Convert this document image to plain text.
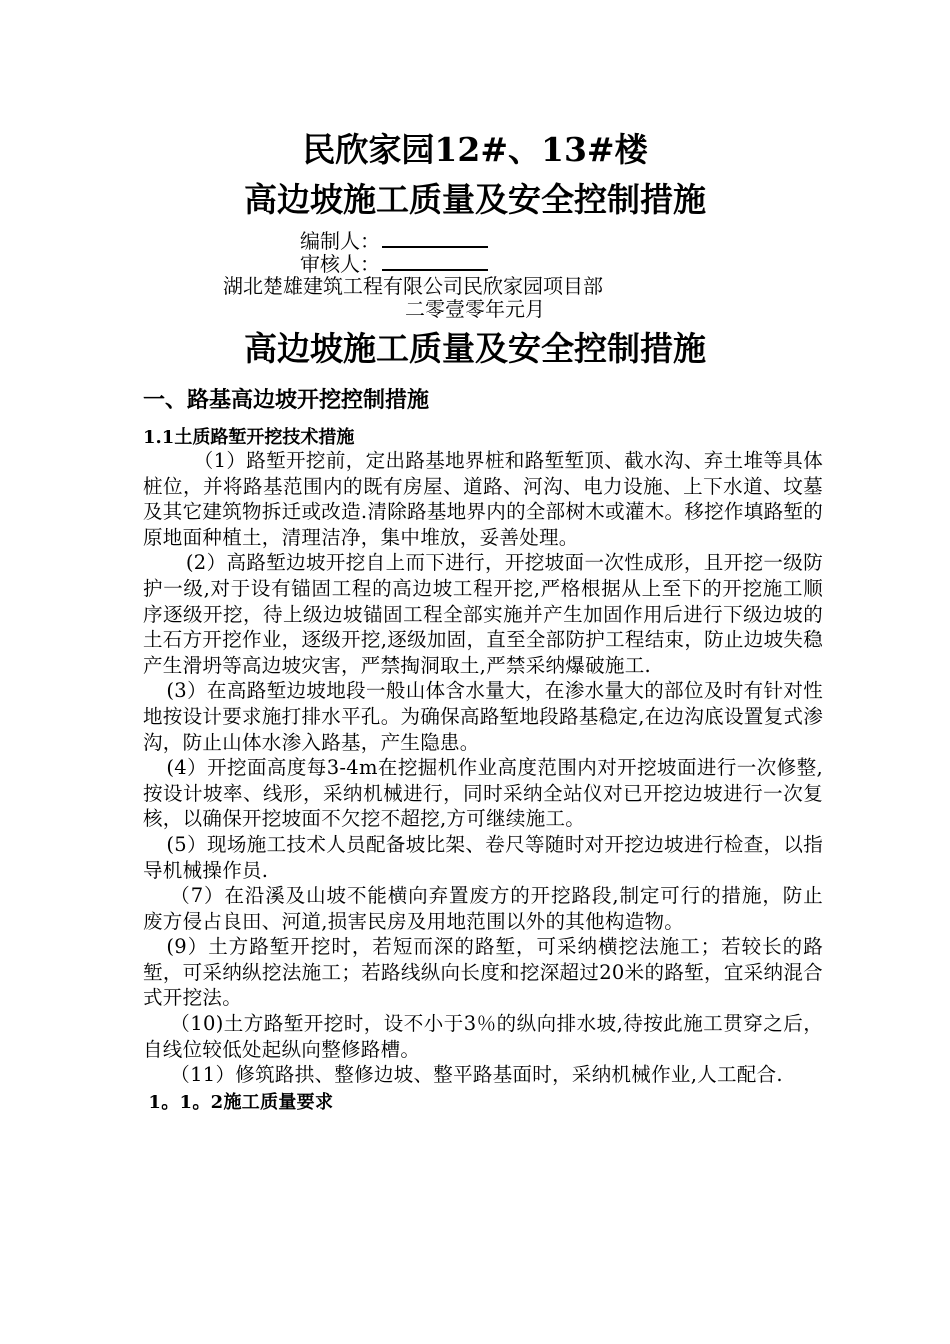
民欣家园12#、13#楼
高边坡施工质量及安全控制措施
编制人：
审核人：
湖北楚雄建筑工程有限公司民欣家园项目部
二零壹零年元月
高边坡施工质量及安全控制措施
一、路基高边坡开挖控制措施
1.1土质路堑开挖技术措施

（1）路堑开挖前，定出路基地界桩和路堑堑顶、截水沟、弃土堆等具体桩位，并将路基范围内的既有房屋、道路、河沟、电力设施、上下水道、坟墓及其它建筑物拆迁或改造.清除路基地界内的全部树木或灌木。移挖作填路堑的原地面种植土，清理洁净，集中堆放，妥善处理。

(2）高路堑边坡开挖自上而下进行，开挖坡面一次性成形，且开挖一级防护一级,对于设有锚固工程的高边坡工程开挖,严格根据从上至下的开挖施工顺序逐级开挖，待上级边坡锚固工程全部实施并产生加固作用后进行下级边坡的土石方开挖作业，逐级开挖,逐级加固，直至全部防护工程结束，防止边坡失稳产生滑坍等高边坡灾害，严禁掏洞取土,严禁采纳爆破施工.

(3）在高路堑边坡地段一般山体含水量大，在渗水量大的部位及时有针对性地按设计要求施打排水平孔。为确保高路堑地段路基稳定,在边沟底设置复式渗沟，防止山体水渗入路基，产生隐患。

(4）开挖面高度每3-4m在挖掘机作业高度范围内对开挖坡面进行一次修整,按设计坡率、线形，采纳机械进行，同时采纳全站仪对已开挖边坡进行一次复核，以确保开挖坡面不欠挖不超挖,方可继续施工。

(5）现场施工技术人员配备坡比架、卷尺等随时对开挖边坡进行检查，以指导机械操作员.

（7）在沿溪及山坡不能横向弃置废方的开挖路段,制定可行的措施，防止废方侵占良田、河道,损害民房及用地范围以外的其他构造物。

(9）土方路堑开挖时，若短而深的路堑，可采纳横挖法施工；若较长的路堑，可采纳纵挖法施工；若路线纵向长度和挖深超过20米的路堑，宜采纳混合式开挖法。

（10)土方路堑开挖时，设不小于3％的纵向排水坡,待按此施工贯穿之后，自线位较低处起纵向整修路槽。

（11）修筑路拱、整修边坡、整平路基面时，采纳机械作业,人工配合.

1。1。2施工质量要求
